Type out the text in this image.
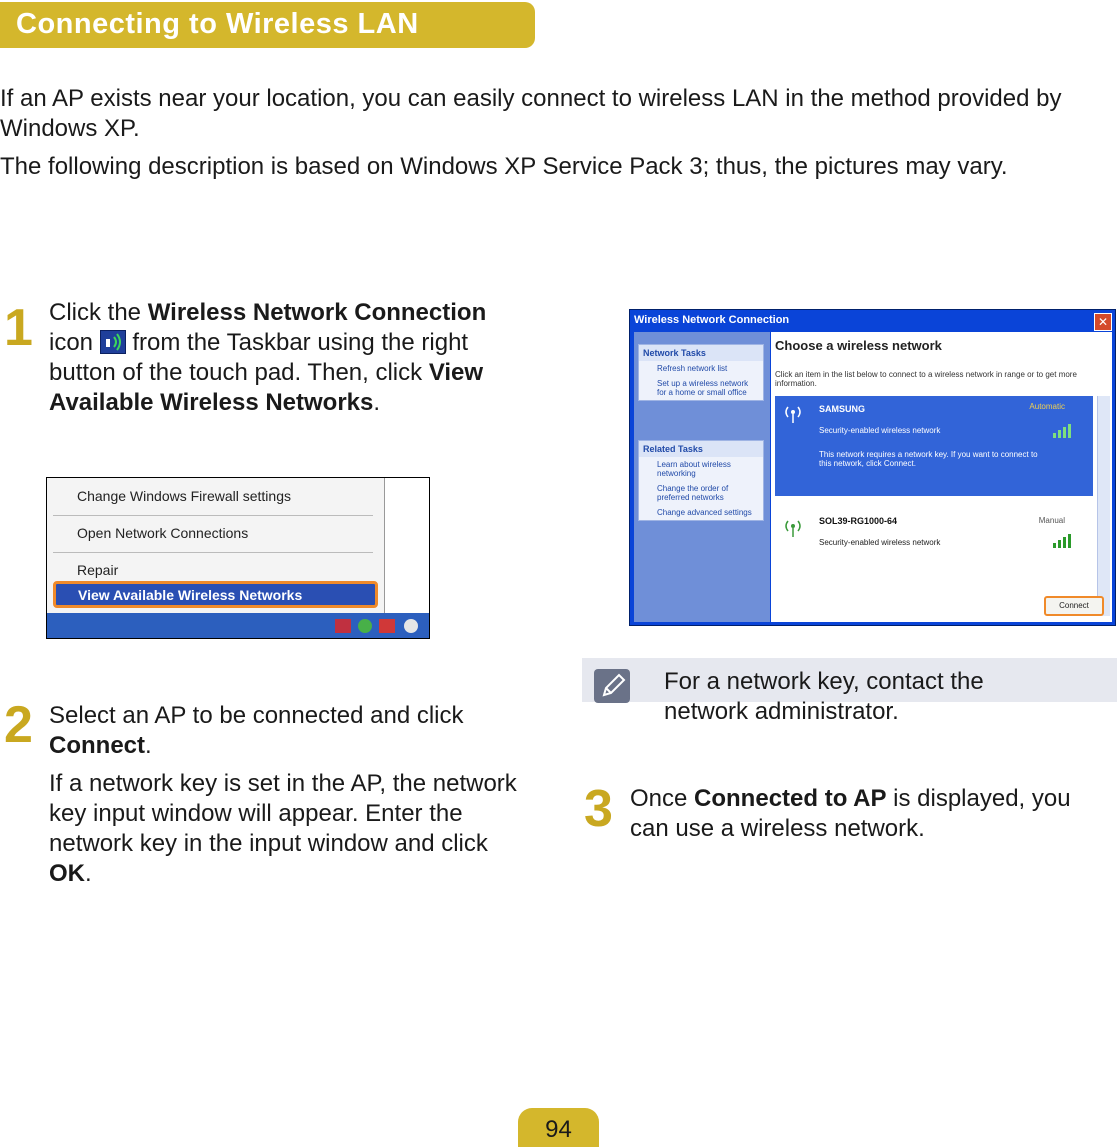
Connecting to Wireless LAN

If an AP exists near your location, you can easily connect to wireless LAN in the method provided by Windows XP.

The following description is based on Windows XP Service Pack 3; thus, the pictures may vary.

1 Click the Wireless Network Connection icon  from the Taskbar using the right button of the touch pad. Then, click View Available Wireless Networks.

Change Windows Firewall settings
Open Network Connections
Repair
View Available Wireless Networks
2 Select an AP to be connected and click Connect.

If a network key is set in the AP, the network key input window will appear. Enter the network key in the input window and click OK.

Wireless Network Connection	✕
Network Tasks
Refresh network list
Set up a wireless network for a home or small office
Related Tasks
Learn about wireless networking
Change the order of preferred networks
Change advanced settings
Choose a wireless network
Click an item in the list below to connect to a wireless network in range or to get more information.
SAMSUNG	Automatic
Security-enabled wireless network
This network requires a network key. If you want to connect to this network, click Connect.
SOL39-RG1000-64	Manual
Security-enabled wireless network
Connect
For a network key, contact the network administrator.
3 Once Connected to AP is displayed, you can use a wireless network.

94
